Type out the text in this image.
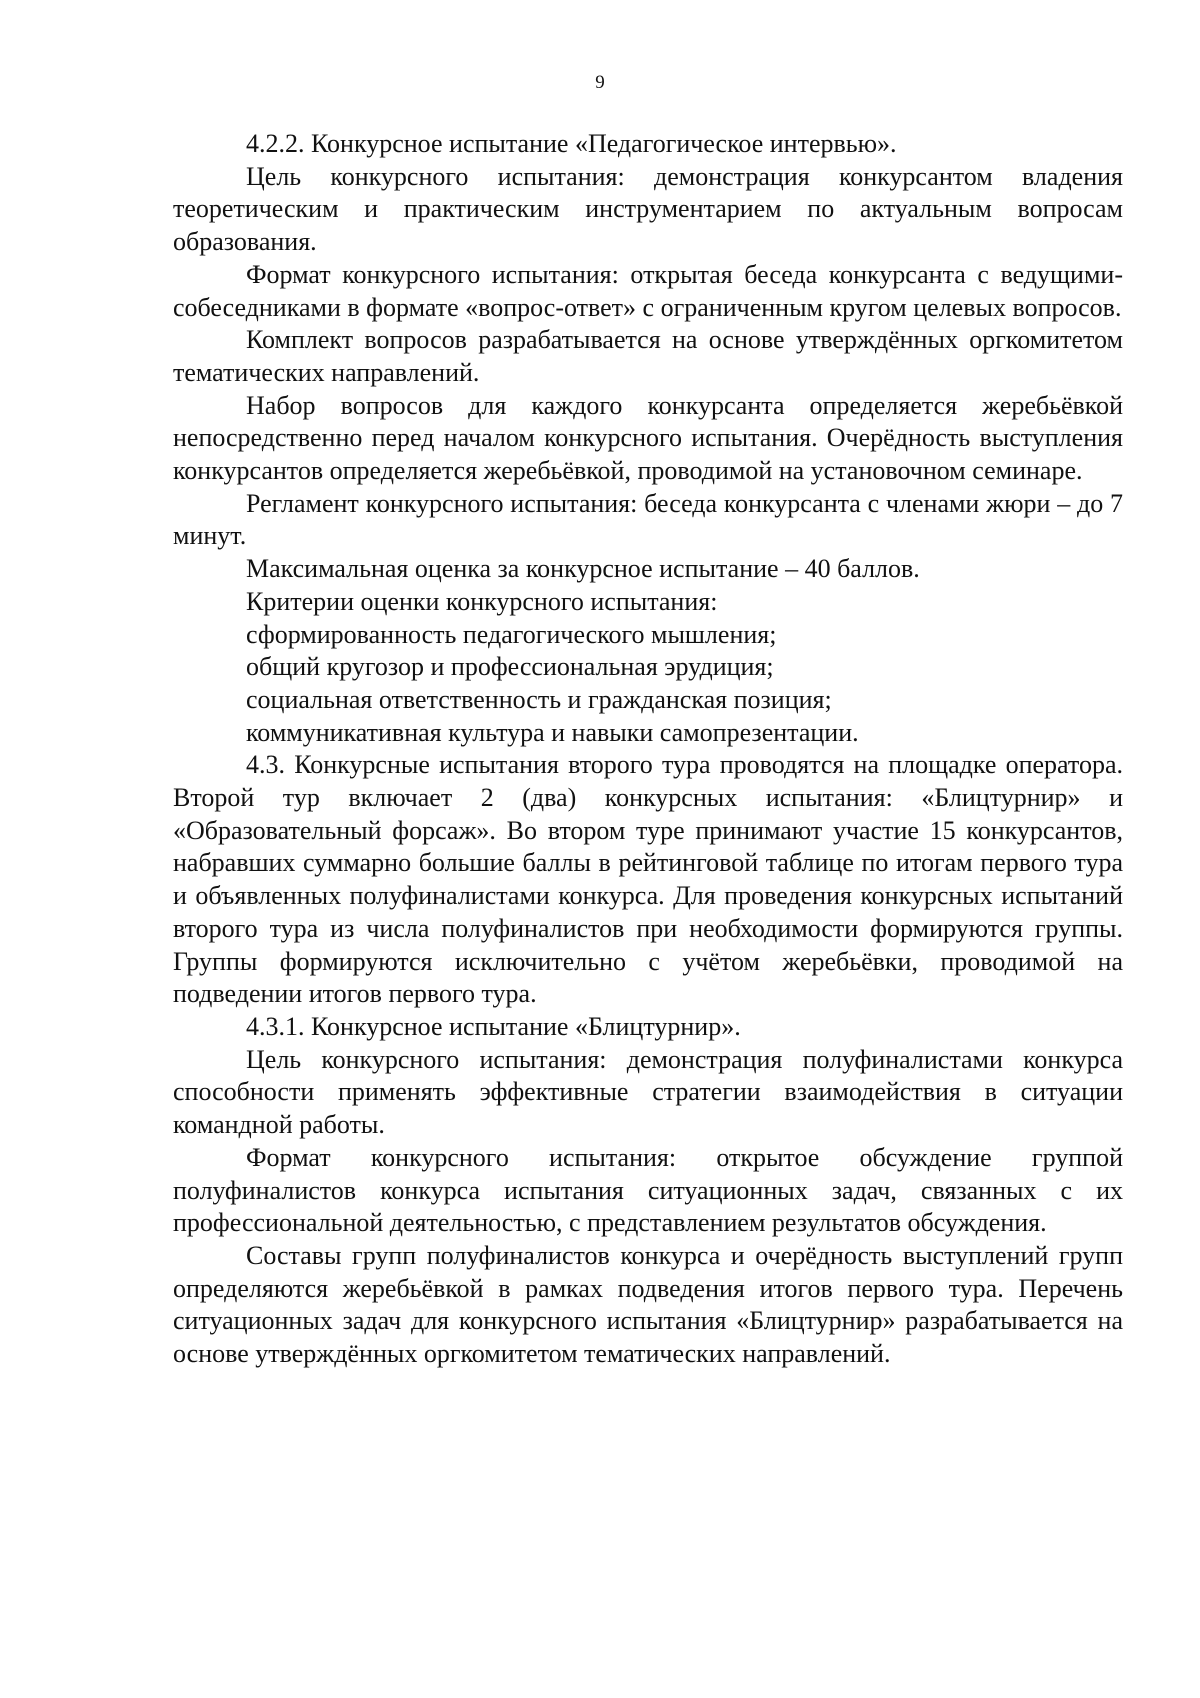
9

4.2.2. Конкурсное испытание «Педагогическое интервью».

Цель конкурсного испытания: демонстрация конкурсантом владения теоретическим и практическим инструментарием по актуальным вопросам образования.

Формат конкурсного испытания: открытая беседа конкурсанта с ведущими-собеседниками в формате «вопрос-ответ» с ограниченным кругом целевых вопросов.

Комплект вопросов разрабатывается на основе утверждённых оргкомитетом тематических направлений.

Набор вопросов для каждого конкурсанта определяется жеребьёвкой непосредственно перед началом конкурсного испытания. Очерёдность выступления конкурсантов определяется жеребьёвкой, проводимой на установочном семинаре.

Регламент конкурсного испытания: беседа конкурсанта с членами жюри – до 7 минут.

Максимальная оценка за конкурсное испытание – 40 баллов.

Критерии оценки конкурсного испытания:

сформированность педагогического мышления;

общий кругозор и профессиональная эрудиция;

социальная ответственность и гражданская позиция;

коммуникативная культура и навыки самопрезентации.

4.3. Конкурсные испытания второго тура проводятся на площадке оператора. Второй тур включает 2 (два) конкурсных испытания: «Блицтурнир» и «Образовательный форсаж». Во втором туре принимают участие 15 конкурсантов, набравших суммарно большие баллы в рейтинговой таблице по итогам первого тура и объявленных полуфиналистами конкурса. Для проведения конкурсных испытаний второго тура из числа полуфиналистов при необходимости формируются группы. Группы формируются исключительно с учётом жеребьёвки, проводимой на подведении итогов первого тура.

4.3.1. Конкурсное испытание «Блицтурнир».

Цель конкурсного испытания: демонстрация полуфиналистами конкурса способности применять эффективные стратегии взаимодействия в ситуации командной работы.

Формат конкурсного испытания: открытое обсуждение группой полуфиналистов конкурса испытания ситуационных задач, связанных с их профессиональной деятельностью, с представлением результатов обсуждения.

Составы групп полуфиналистов конкурса и очерёдность выступлений групп определяются жеребьёвкой в рамках подведения итогов первого тура. Перечень ситуационных задач для конкурсного испытания «Блицтурнир» разрабатывается на основе утверждённых оргкомитетом тематических направлений.
